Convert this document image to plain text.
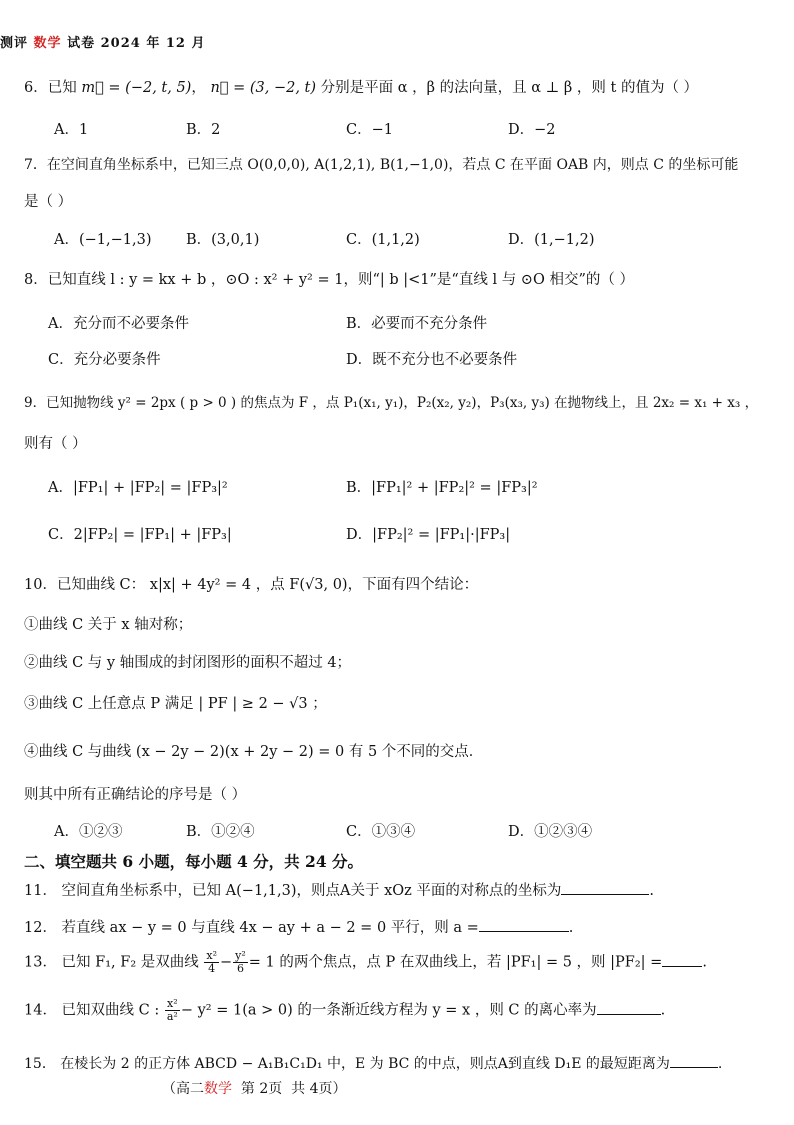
测评 数学 试卷 2024 年 12 月
6．已知 m⃗ = (−2, t, 5)， n⃗ = (3, −2, t) 分别是平面 α ，β 的法向量，且 α ⊥ β ，则 t 的值为（ ）
A．1	B．2	C．−1	D．−2
7．在空间直角坐标系中，已知三点 O(0,0,0), A(1,2,1), B(1,−1,0)，若点 C 在平面 OAB 内，则点 C 的坐标可能
是（ ）
A．(−1,−1,3) B．(3,0,1)	C．(1,1,2)	D．(1,−1,2)
8．已知直线 l : y = kx + b ，⊙O : x² + y² = 1，则“| b |<1”是“直线 l 与 ⊙O 相交”的（ ）
A．充分而不必要条件	B．必要而不充分条件
C．充分必要条件	D．既不充分也不必要条件
9．已知抛物线 y² = 2px ( p > 0 ) 的焦点为 F ，点 P₁(x₁, y₁)，P₂(x₂, y₂)，P₃(x₃, y₃) 在抛物线上，且 2x₂ = x₁ + x₃ ，
则有（ ）
A．|FP₁| + |FP₂| = |FP₃|²	B．|FP₁|² + |FP₂|² = |FP₃|²
C．2|FP₂| = |FP₁| + |FP₃|	D．|FP₂|² = |FP₁|·|FP₃|
10．已知曲线 C： x|x| + 4y² = 4 ，点 F(√3, 0)，下面有四个结论：
①曲线 C 关于 x 轴对称；
②曲线 C 与 y 轴围成的封闭图形的面积不超过 4；
③曲线 C 上任意点 P 满足 | PF | ≥ 2 − √3 ；
④曲线 C 与曲线 (x − 2y − 2)(x + 2y − 2) = 0 有 5 个不同的交点．
则其中所有正确结论的序号是（ ）
A．①②③	B．①②④	C．①③④	D．①②③④
二、填空题共 6 小题，每小题 4 分，共 24 分。
11． 空间直角坐标系中，已知 A(−1,1,3)，则点A关于 xOz 平面的对称点的坐标为	.
12． 若直线 ax − y = 0 与直线 4x − ay + a − 2 = 0 平行，则 a =	.
13． 已知 F₁, F₂ 是双曲线 $\frac{\text{x²}}{4} - \frac{\text{y²}}{6} = 1$ 的两个焦点，点 P 在双曲线上，若 |PF₁| = 5 ，则 |PF₂| =	.
14． 已知双曲线 C : $\frac{\text{x²}}{\text{a²}} - y^2 = 1(a > 0)$ 的一条渐近线方程为 y = x ，则 C 的离心率为	.
15． 在棱长为 2 的正方体 ABCD − A₁B₁C₁D₁ 中，E 为 BC 的中点，则点A到直线 D₁E 的最短距离为	.
（高二数学 第 2页 共 4页）
